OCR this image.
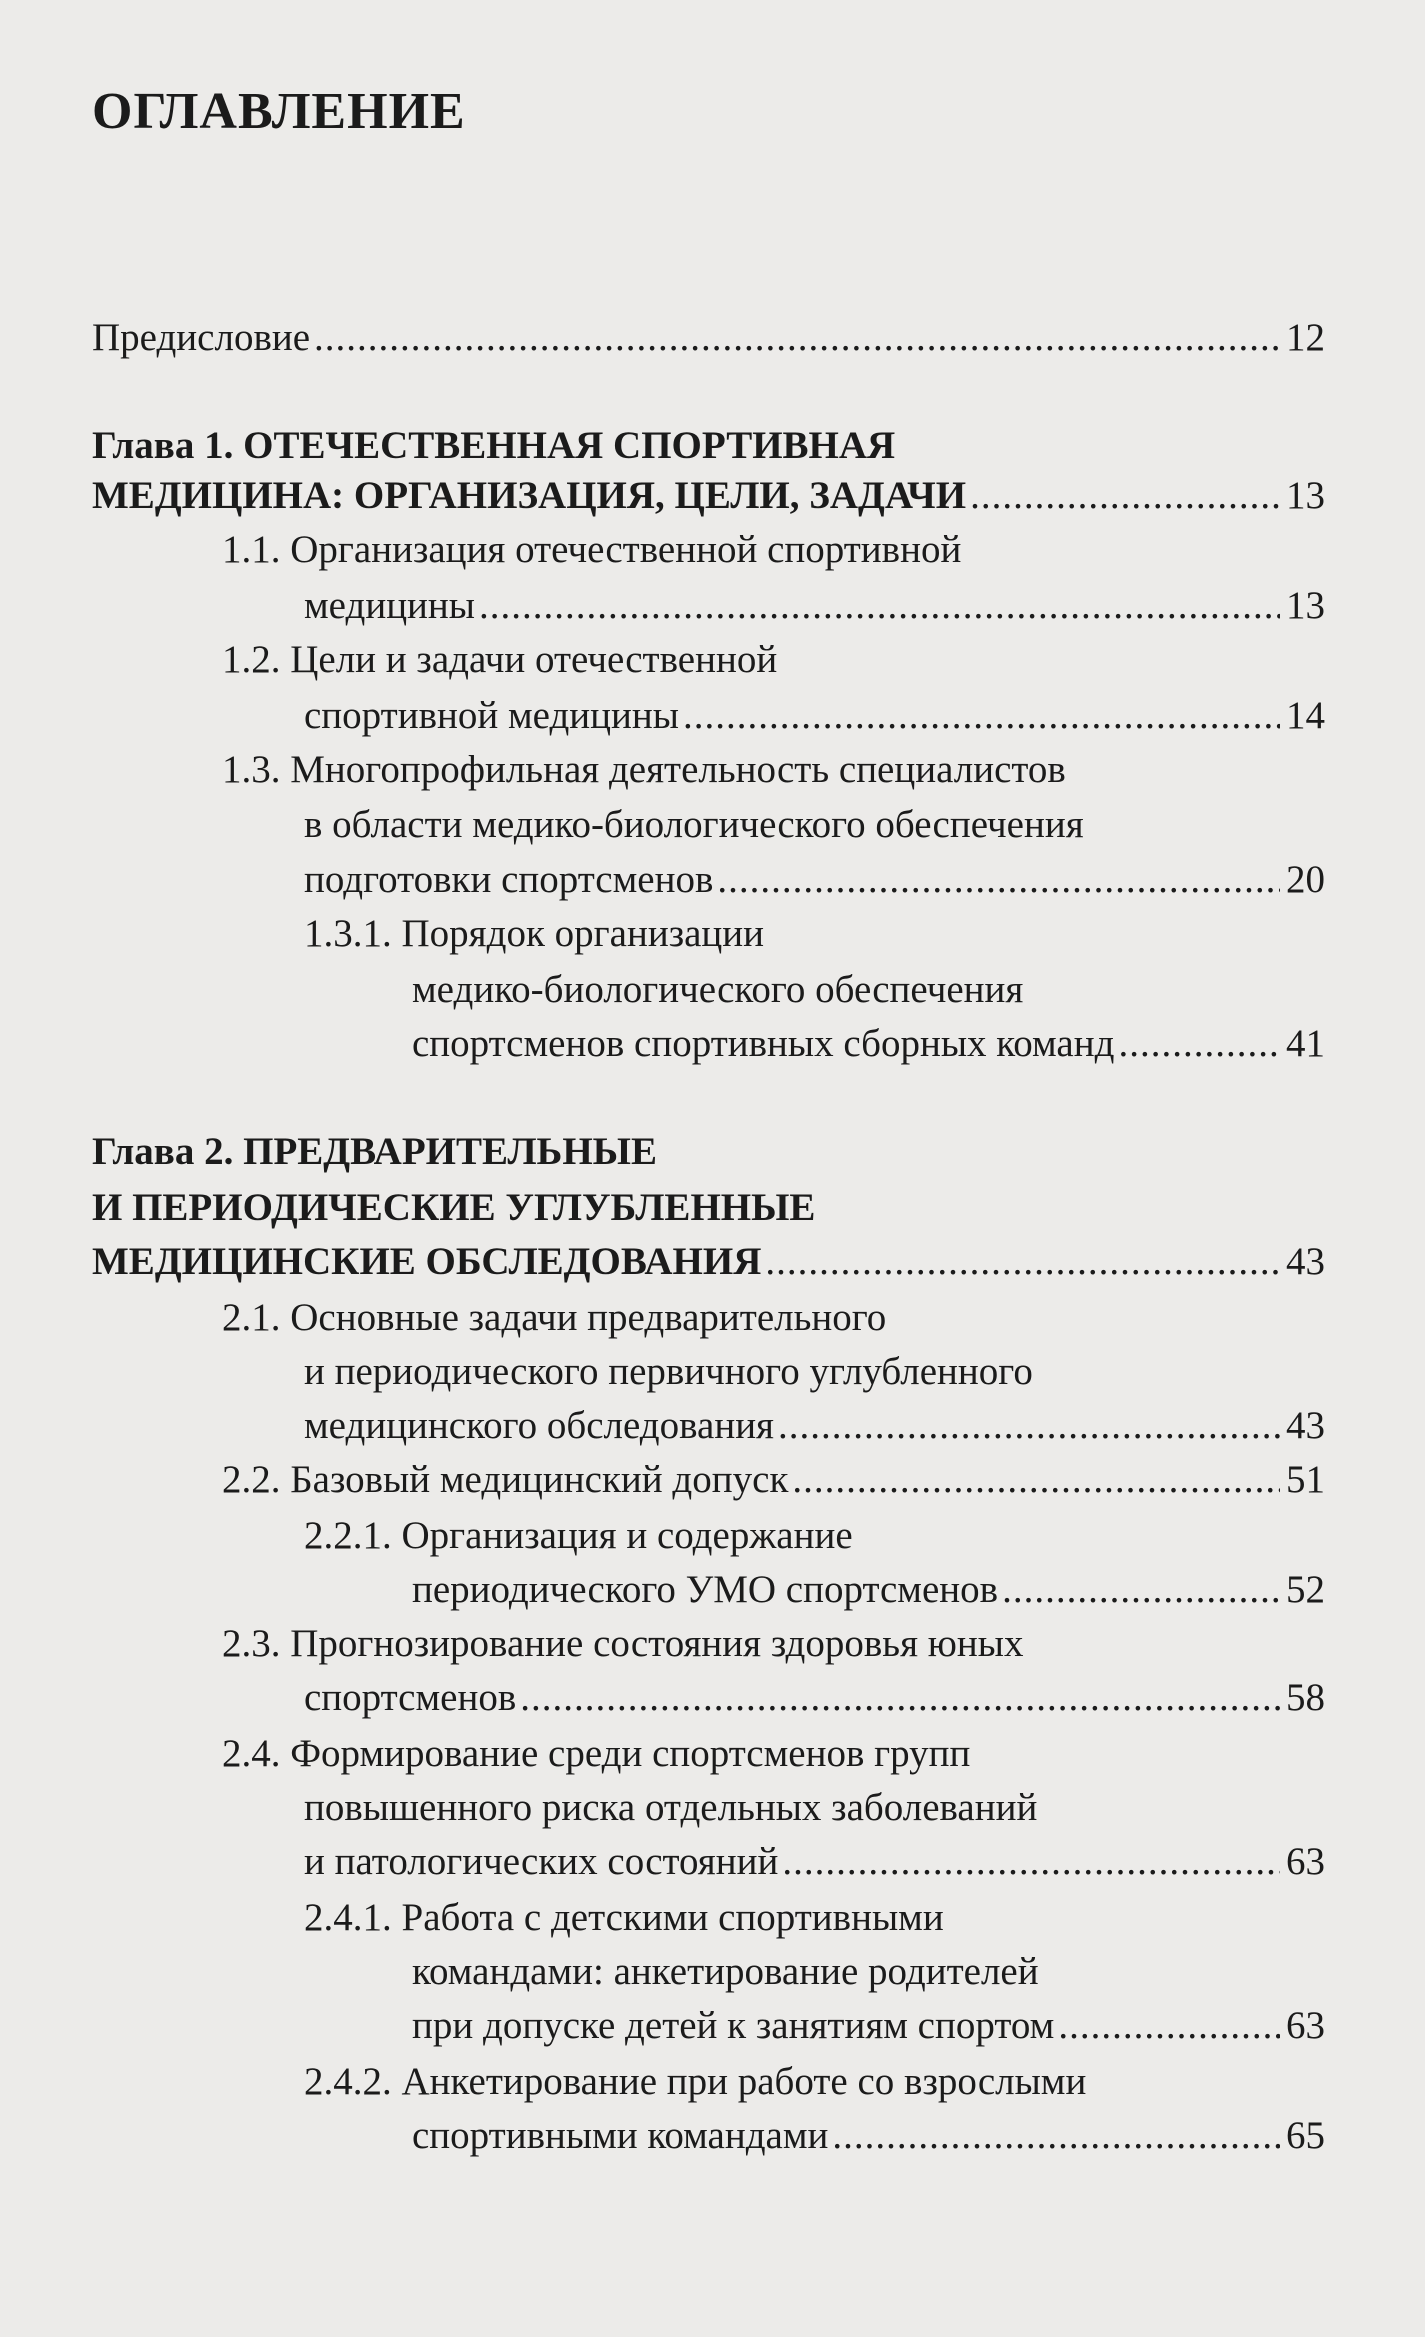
ОГЛАВЛЕНИЕ
Предисловие .....	12
Глава 1. ОТЕЧЕСТВЕННАЯ СПОРТИВНАЯ
МЕДИЦИНА: ОРГАНИЗАЦИЯ, ЦЕЛИ, ЗАДАЧИ .....	13
1.1. Организация отечественной спортивной
медицины .....	13
1.2. Цели и задачи отечественной
спортивной медицины .....	14
1.3. Многопрофильная деятельность специалистов
в области медико-биологического обеспечения
подготовки спортсменов .....	20
1.3.1. Порядок организации
медико-биологического обеспечения
спортсменов спортивных сборных команд .....	41
Глава 2. ПРЕДВАРИТЕЛЬНЫЕ
И ПЕРИОДИЧЕСКИЕ УГЛУБЛЕННЫЕ
МЕДИЦИНСКИЕ ОБСЛЕДОВАНИЯ .....	43
2.1. Основные задачи предварительного
и периодического первичного углубленного
медицинского обследования .....	43
2.2. Базовый медицинский допуск .....	51
2.2.1. Организация и содержание
периодического УМО спортсменов .....	52
2.3. Прогнозирование состояния здоровья юных
спортсменов .....	58
2.4. Формирование среди спортсменов групп
повышенного риска отдельных заболеваний
и патологических состояний .....	63
2.4.1. Работа с детскими спортивными
командами: анкетирование родителей
при допуске детей к занятиям спортом .....	63
2.4.2. Анкетирование при работе со взрослыми
спортивными командами .....	65
